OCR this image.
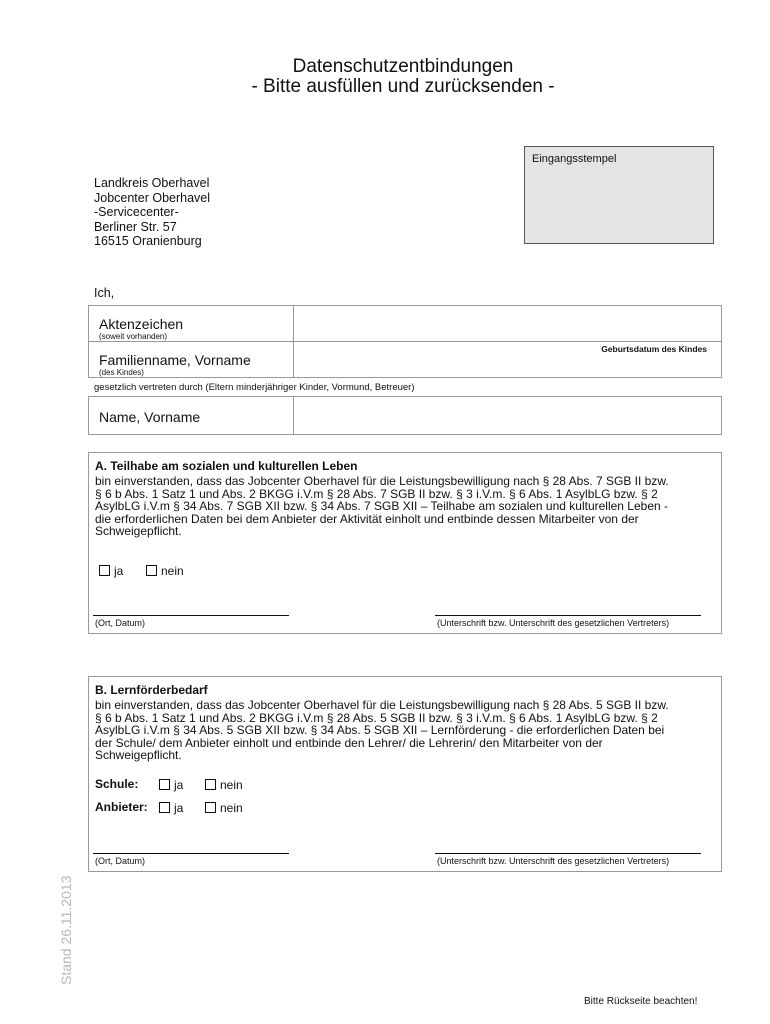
Datenschutzentbindungen
- Bitte ausfüllen und zurücksenden -
Eingangsstempel
Landkreis Oberhavel
Jobcenter Oberhavel
-Servicecenter-
Berliner Str. 57
16515 Oranienburg
Ich,
Aktenzeichen
(soweit vorhanden)	

Familienname, Vorname
(des Kindes)	Geburtsdatum des Kindes
gesetzlich vertreten durch (Eltern minderjähriger Kinder, Vormund, Betreuer)
Name, Vorname

A. Teilhabe am sozialen und kulturellen Leben
bin einverstanden, dass das Jobcenter Oberhavel für die Leistungsbewilligung nach § 28 Abs. 7 SGB II bzw.
§ 6 b Abs. 1 Satz 1 und Abs. 2 BKGG i.V.m § 28 Abs. 7 SGB II bzw. § 3 i.V.m. § 6 Abs. 1 AsylbLG bzw. § 2
AsylbLG i.V.m § 34 Abs. 7 SGB XII bzw. § 34 Abs. 7 SGB XII – Teilhabe am sozialen und kulturellen Leben -
die erforderlichen Daten bei dem Anbieter der Aktivität einholt und entbinde dessen Mitarbeiter von der
Schweigepflicht.
ja	nein
(Ort, Datum)	(Unterschrift bzw. Unterschrift des gesetzlichen Vertreters)
B. Lernförderbedarf
bin einverstanden, dass das Jobcenter Oberhavel für die Leistungsbewilligung nach § 28 Abs. 5 SGB II bzw.
§ 6 b Abs. 1 Satz 1 und Abs. 2 BKGG i.V.m § 28 Abs. 5 SGB II bzw. § 3 i.V.m. § 6 Abs. 1 AsylbLG bzw. § 2
AsylbLG i.V.m § 34 Abs. 5 SGB XII bzw. § 34 Abs. 5 SGB XII – Lernförderung - die erforderlichen Daten bei
der Schule/ dem Anbieter einholt und entbinde den Lehrer/ die Lehrerin/ den Mitarbeiter von der
Schweigepflicht.
Schule:	ja	nein
Anbieter:	ja	nein
(Ort, Datum)	(Unterschrift bzw. Unterschrift des gesetzlichen Vertreters)
Stand 26.11.2013
Bitte Rückseite beachten!
